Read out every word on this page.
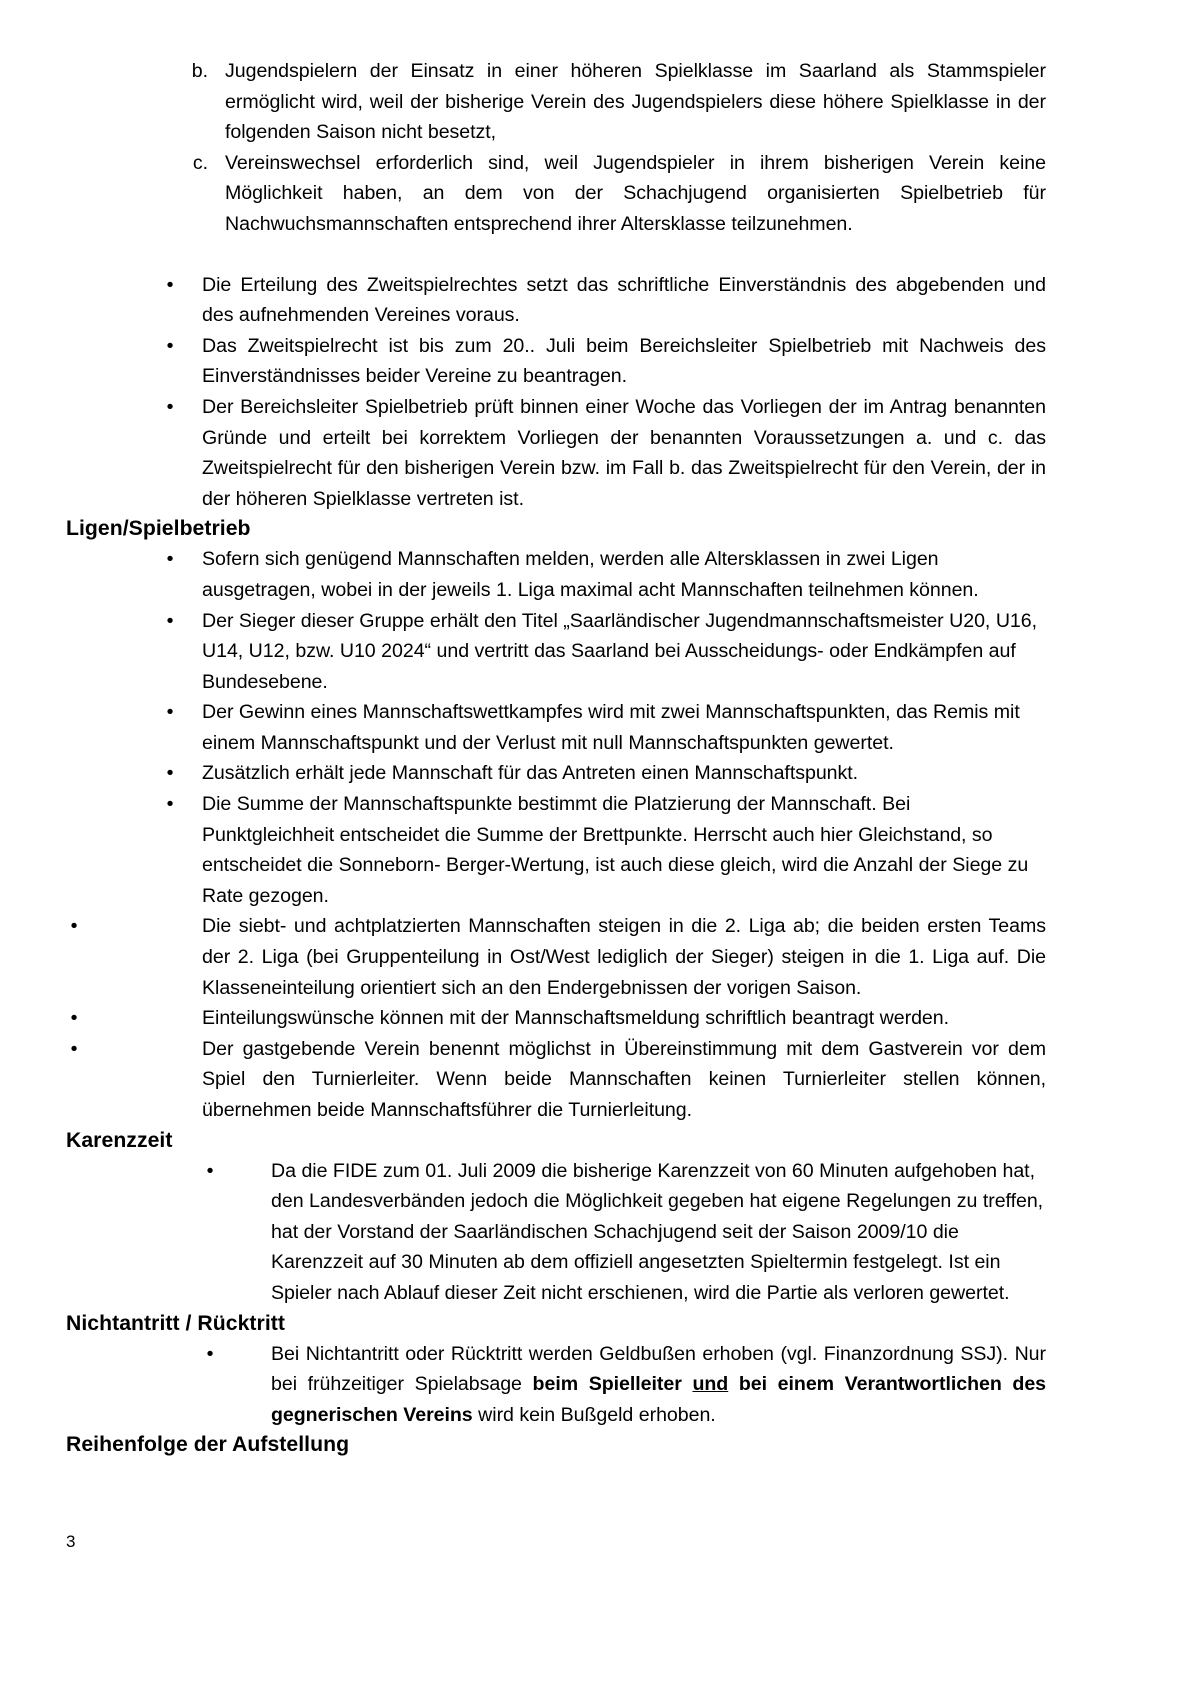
b. Jugendspielern der Einsatz in einer höheren Spielklasse im Saarland als Stammspieler ermöglicht wird, weil der bisherige Verein des Jugendspielers diese höhere Spielklasse in der folgenden Saison nicht besetzt,
c. Vereinswechsel erforderlich sind, weil Jugendspieler in ihrem bisherigen Verein keine Möglichkeit haben, an dem von der Schachjugend organisierten Spielbetrieb für Nachwuchsmannschaften entsprechend ihrer Altersklasse teilzunehmen.
• Die Erteilung des Zweitspielrechtes setzt das schriftliche Einverständnis des abgebenden und des aufnehmenden Vereines voraus.
• Das Zweitspielrecht ist bis zum 20.. Juli beim Bereichsleiter Spielbetrieb mit Nachweis des Einverständnisses beider Vereine zu beantragen.
• Der Bereichsleiter Spielbetrieb prüft binnen einer Woche das Vorliegen der im Antrag benannten Gründe und erteilt bei korrektem Vorliegen der benannten Voraussetzungen a. und c. das Zweitspielrecht für den bisherigen Verein bzw. im Fall b. das Zweitspielrecht für den Verein, der in der höheren Spielklasse vertreten ist.
Ligen/Spielbetrieb
• Sofern sich genügend Mannschaften melden, werden alle Altersklassen in zwei Ligen ausgetragen, wobei in der jeweils 1. Liga maximal acht Mannschaften teilnehmen können.
• Der Sieger dieser Gruppe erhält den Titel „Saarländischer Jugendmannschaftsmeister U20, U16, U14, U12, bzw. U10 2024“ und vertritt das Saarland bei Ausscheidungs- oder Endkämpfen auf Bundesebene.
• Der Gewinn eines Mannschaftswettkampfes wird mit zwei Mannschaftspunkten, das Remis mit einem Mannschaftspunkt und der Verlust mit null Mannschaftspunkten gewertet.
• Zusätzlich erhält jede Mannschaft für das Antreten einen Mannschaftspunkt.
• Die Summe der Mannschaftspunkte bestimmt die Platzierung der Mannschaft. Bei Punktgleichheit entscheidet die Summe der Brettpunkte. Herrscht auch hier Gleichstand, so entscheidet die Sonneborn- Berger-Wertung, ist auch diese gleich, wird die Anzahl der Siege zu Rate gezogen.
•	Die siebt- und achtplatzierten Mannschaften steigen in die 2. Liga ab; die beiden ersten Teams der 2. Liga (bei Gruppenteilung in Ost/West lediglich der Sieger) steigen in die 1. Liga auf. Die Klasseneinteilung orientiert sich an den Endergebnissen der vorigen Saison.
•	Einteilungswünsche können mit der Mannschaftsmeldung schriftlich beantragt werden.
•	Der gastgebende Verein benennt möglichst in Übereinstimmung mit dem Gastverein vor dem Spiel den Turnierleiter. Wenn beide Mannschaften keinen Turnierleiter stellen können, übernehmen beide Mannschaftsführer die Turnierleitung.
Karenzzeit
•	Da die FIDE zum 01. Juli 2009 die bisherige Karenzzeit von 60 Minuten aufgehoben hat, den Landesverbänden jedoch die Möglichkeit gegeben hat eigene Regelungen zu treffen, hat der Vorstand der Saarländischen Schachjugend seit der Saison 2009/10 die Karenzzeit auf 30 Minuten ab dem offiziell angesetzten Spieltermin festgelegt. Ist ein Spieler nach Ablauf dieser Zeit nicht erschienen, wird die Partie als verloren gewertet.
Nichtantritt / Rücktritt
•	Bei Nichtantritt oder Rücktritt werden Geldbußen erhoben (vgl. Finanzordnung SSJ). Nur bei frühzeitiger Spielabsage beim Spielleiter und bei einem Verantwortlichen des gegnerischen Vereins wird kein Bußgeld erhoben.
Reihenfolge der Aufstellung
3
